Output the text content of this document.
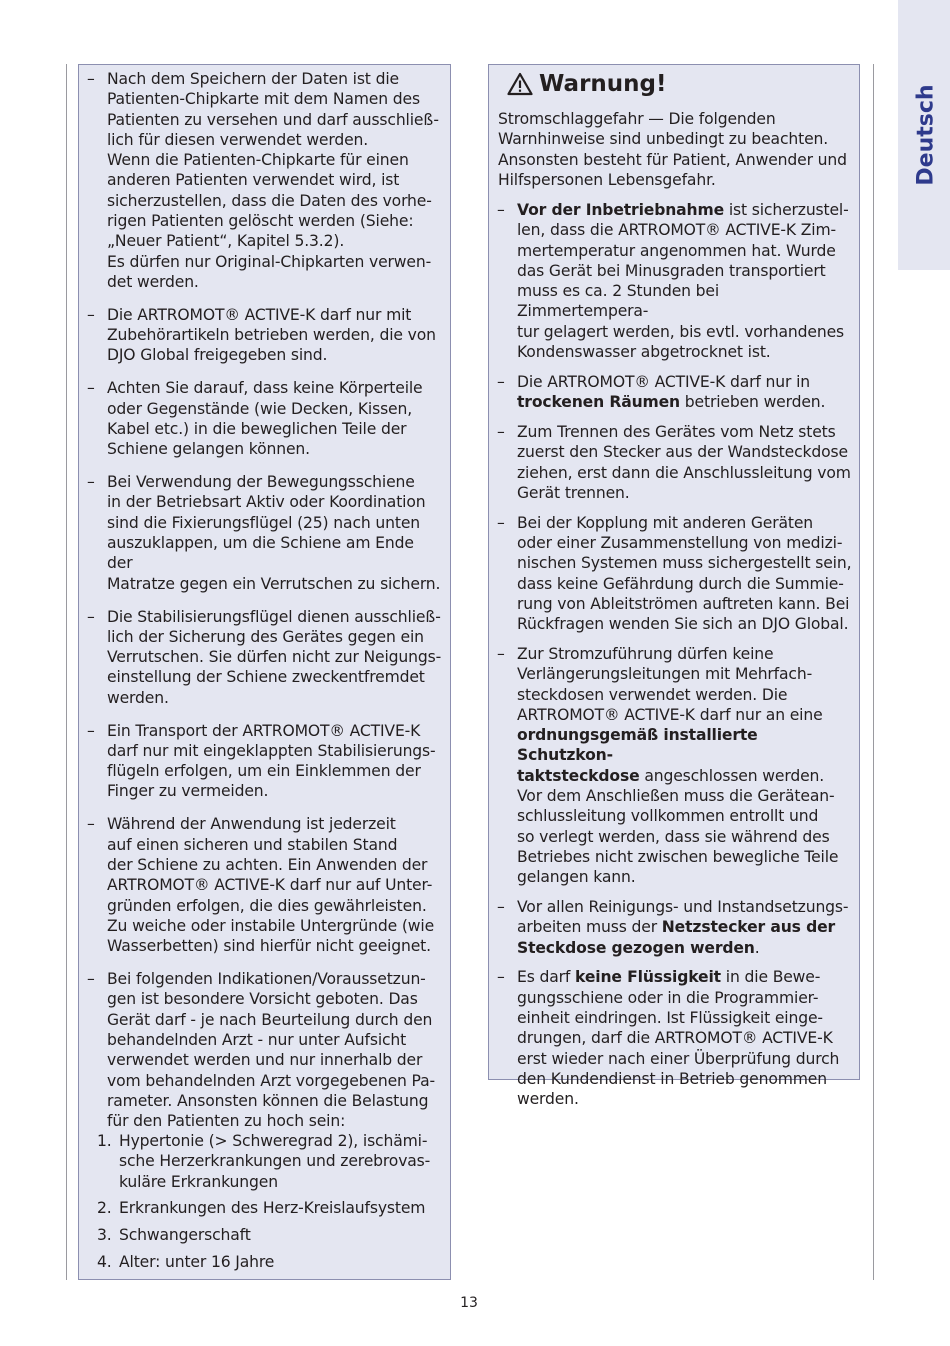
Deutsch
– Nach dem Speichern der Daten ist die
Patienten-Chipkarte mit dem Namen des
Patienten zu versehen und darf ausschließ-
lich für diesen verwendet werden.
Wenn die Patienten-Chipkarte für einen
anderen Patienten verwendet wird, ist
sicherzustellen, dass die Daten des vorhe-
rigen Patienten gelöscht werden (Siehe:
„Neuer Patient“, Kapitel 5.3.2).
Es dürfen nur Original-Chipkarten verwen-
det werden.

– Die ARTROMOT® ACTIVE-K darf nur mit
Zubehörartikeln betrieben werden, die von
DJO Global freigegeben sind.

– Achten Sie darauf, dass keine Körperteile
oder Gegenstände (wie Decken, Kissen,
Kabel etc.) in die beweglichen Teile der
Schiene gelangen können.

– Bei Verwendung der Bewegungsschiene
in der Betriebsart Aktiv oder Koordination
sind die Fixierungsflügel (25) nach unten
auszuklappen, um die Schiene am Ende der
Matratze gegen ein Verrutschen zu sichern.

– Die Stabilisierungsflügel dienen ausschließ-
lich der Sicherung des Gerätes gegen ein
Verrutschen. Sie dürfen nicht zur Neigungs-
einstellung der Schiene zweckentfremdet
werden.

– Ein Transport der ARTROMOT® ACTIVE-K
darf nur mit eingeklappten Stabilisierungs-
flügeln erfolgen, um ein Einklemmen der
Finger zu vermeiden.

– Während der Anwendung ist jederzeit
auf einen sicheren und stabilen Stand
der Schiene zu achten. Ein Anwenden der
ARTROMOT® ACTIVE-K darf nur auf Unter-
gründen erfolgen, die dies gewährleisten.
Zu weiche oder instabile Untergründe (wie
Wasserbetten) sind hierfür nicht geeignet.

– Bei folgenden Indikationen/Voraussetzun-
gen ist besondere Vorsicht geboten. Das
Gerät darf - je nach Beurteilung durch den
behandelnden Arzt - nur unter Aufsicht
verwendet werden und nur innerhalb der
vom behandelnden Arzt vorgegebenen Pa-
rameter. Ansonsten können die Belastung
für den Patienten zu hoch sein:

1. Hypertonie (> Schweregrad 2), ischämi-
sche Herzerkrankungen und zerebrovas-
kuläre Erkrankungen
2. Erkrankungen des Herz-Kreislaufsystem
3. Schwangerschaft
4. Alter: unter 16 Jahre
Warnung!

Stromschlaggefahr — Die folgenden
Warnhinweise sind unbedingt zu beachten.
Ansonsten besteht für Patient, Anwender und
Hilfspersonen Lebensgefahr.

– Vor der Inbetriebnahme ist sicherzustel-
len, dass die ARTROMOT® ACTIVE-K Zim-
mertemperatur angenommen hat. Wurde
das Gerät bei Minusgraden transportiert
muss es ca. 2 Stunden bei Zimmertempera-
tur gelagert werden, bis evtl. vorhandenes
Kondenswasser abgetrocknet ist.

– Die ARTROMOT® ACTIVE-K darf nur in
trockenen Räumen betrieben werden.

– Zum Trennen des Gerätes vom Netz stets
zuerst den Stecker aus der Wandsteckdose
ziehen, erst dann die Anschlussleitung vom
Gerät trennen.

– Bei der Kopplung mit anderen Geräten
oder einer Zusammenstellung von medizi-
nischen Systemen muss sichergestellt sein,
dass keine Gefährdung durch die Summie-
rung von Ableitströmen auftreten kann. Bei
Rückfragen wenden Sie sich an DJO Global.

– Zur Stromzuführung dürfen keine
Verlängerungsleitungen mit Mehrfach-
steckdosen verwendet werden. Die
ARTROMOT® ACTIVE-K darf nur an eine
ordnungsgemäß installierte Schutzkon-
taktsteckdose angeschlossen werden.
Vor dem Anschließen muss die Gerätean-
schlussleitung vollkommen entrollt und
so verlegt werden, dass sie während des
Betriebes nicht zwischen bewegliche Teile
gelangen kann.

– Vor allen Reinigungs- und Instandsetzungs-
arbeiten muss der Netzstecker aus der
Steckdose gezogen werden.

– Es darf keine Flüssigkeit in die Bewe-
gungsschiene oder in die Programmier-
einheit eindringen. Ist Flüssigkeit einge-
drungen, darf die ARTROMOT® ACTIVE-K
erst wieder nach einer Überprüfung durch
den Kundendienst in Betrieb genommen
werden.

13
